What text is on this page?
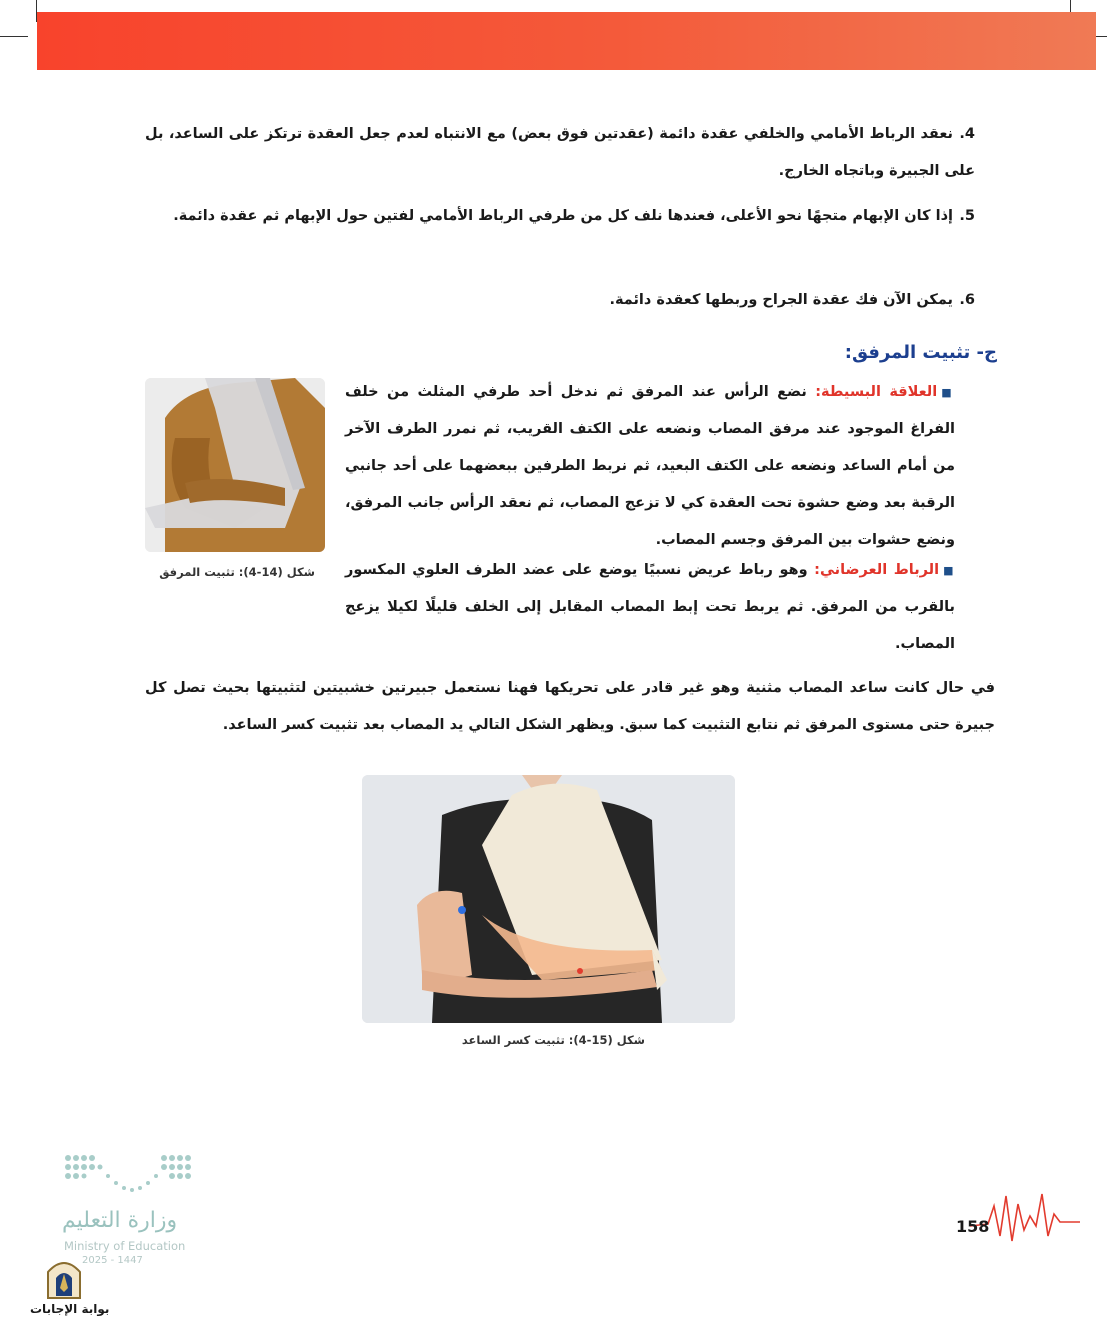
4.نعقد الرباط الأمامي والخلفي عقدة دائمة (عقدتين فوق بعض) مع الانتباه لعدم جعل العقدة ترتكز على الساعد، بل على الجبيرة وباتجاه الخارج.
5.إذا كان الإبهام متجهًا نحو الأعلى، فعندها نلف كل من طرفي الرباط الأمامي لفتين حول الإبهام ثم عقدة دائمة.
6.يمكن الآن فك عقدة الجراح وربطها كعقدة دائمة.
ج- تثبيت المرفق:
■العلاقة البسيطة: نضع الرأس عند المرفق ثم ندخل أحد طرفي المثلث من خلف الفراغ الموجود عند مرفق المصاب ونضعه على الكتف القريب، ثم نمرر الطرف الآخر من أمام الساعد ونضعه على الكتف البعيد، ثم نربط الطرفين ببعضهما على أحد جانبي الرقبة بعد وضع حشوة تحت العقدة كي لا تزعج المصاب، ثم نعقد الرأس جانب المرفق، ونضع حشوات بين المرفق وجسم المصاب.
■الرباط العرضاني: وهو رباط عريض نسبيًا يوضع على عضد الطرف العلوي المكسور بالقرب من المرفق. ثم يربط تحت إبط المصاب المقابل إلى الخلف قليلًا لكيلا يزعج المصاب.
شكل (14-4): تثبيت المرفق
في حال كانت ساعد المصاب مثنية وهو غير قادر على تحريكها فهنا نستعمل جبيرتين خشبيتين لتثبيتها بحيث تصل كل جبيرة حتى مستوى المرفق ثم نتابع التثبيت كما سبق. ويظهر الشكل التالي يد المصاب بعد تثبيت كسر الساعد.
شكل (15-4): تثبيت كسر الساعد
وزارة التعليم
Ministry of Education
2025 - 1447
بوابة الإجابات
158
